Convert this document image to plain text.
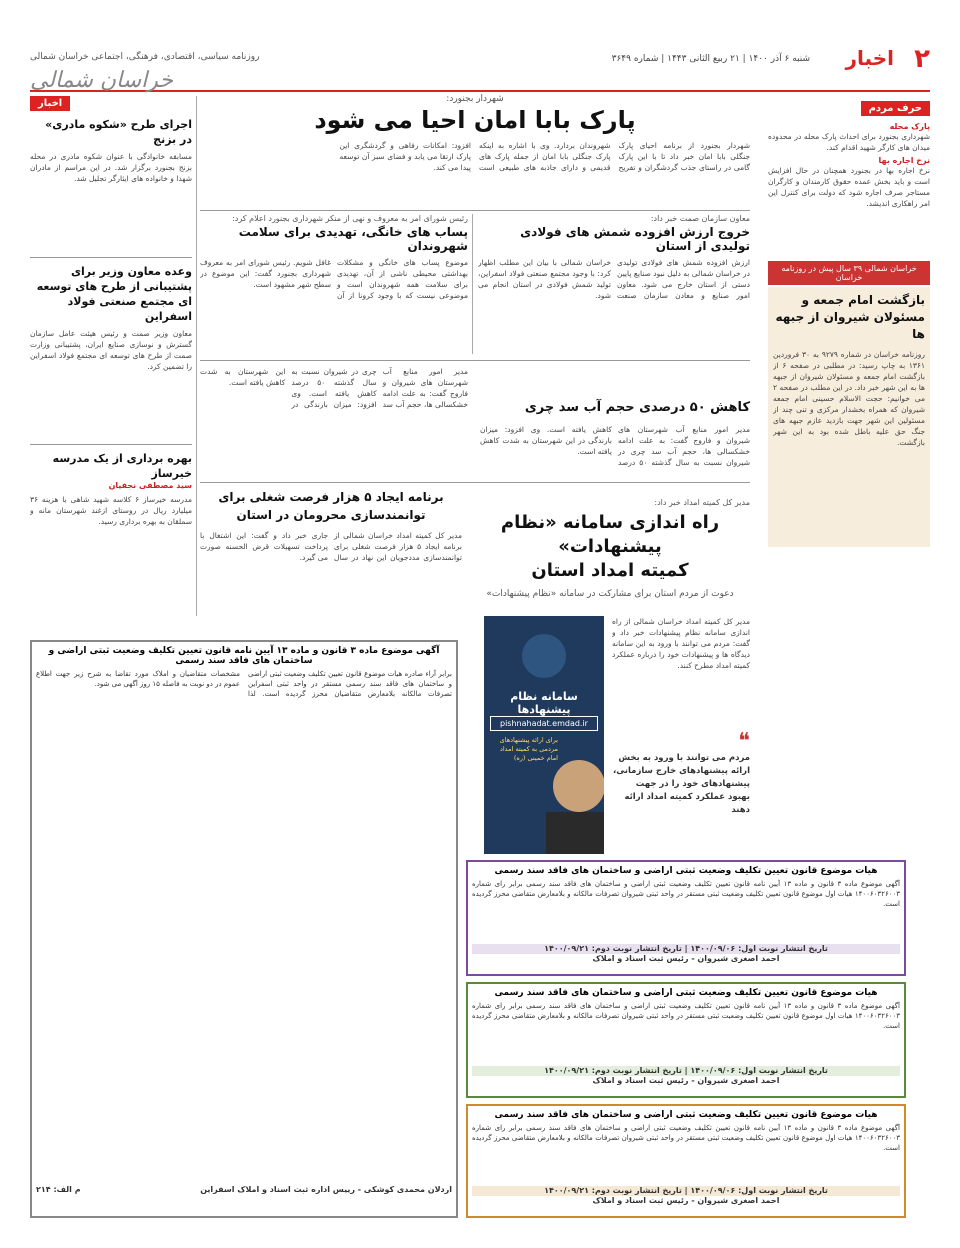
۲
اخبار
شنبه ۶ آذر ۱۴۰۰ | ۲۱ ربیع الثانی ۱۴۴۳ | شماره ۳۶۴۹
روزنامه سیاسی، اقتصادی، فرهنگی، اجتماعی خراسان شمالی
خراسان شمالی
حرف مردم
پارک محله
شهرداری بجنورد برای احداث پارک محله در محدوده میدان های کارگر شهید اقدام کند.
نرخ اجاره بها
نرخ اجاره بها در بجنورد همچنان در حال افزایش است و باید بخش عمده حقوق کارمندان و کارگران مستاجر صرف اجاره شود که دولت برای کنترل این امر راهکاری اندیشد.
خراسان شمالی ۳۹ سال پیش در روزنامه خراسان
بازگشت امام جمعه و مسئولان شیروان از جبهه ها
روزنامه خراسان در شماره ۹۲۷۹ به ۳۰ فروردین ۱۳۶۱ به چاپ رسید: در مطلبی در صفحه ۶ از بازگشت امام جمعه و مسئولان شیروان از جبهه ها به این شهر خبر داد. در این مطلب در صفحه ۲ می خوانیم: حجت الاسلام حسینی امام جمعه شیروان که همراه بخشدار مرکزی و تنی چند از مسئولین این شهر جهت بازدید عازم جبهه های جنگ حق علیه باطل شده بود به این شهر بازگشت.
شهردار بجنورد:
پارک بابا امان احیا می شود
شهردار بجنورد از برنامه احیای پارک جنگلی بابا امان خبر داد تا با این پارک گامی در راستای جذب گردشگران و تفریح شهروندان بردارد. وی با اشاره به اینکه پارک جنگلی بابا امان از جمله پارک های قدیمی و دارای جاذبه های طبیعی است افزود: امکانات رفاهی و گردشگری این پارک ارتقا می یابد و فضای سبز آن توسعه پیدا می کند.
معاون سازمان صمت خبر داد:
خروج ارزش افزوده شمش های فولادی تولیدی از استان
ارزش افزوده شمش های فولادی تولیدی در خراسان شمالی به دلیل نبود صنایع پایین دستی از استان خارج می شود. معاون امور صنایع و معادن سازمان صنعت خراسان شمالی با بیان این مطلب اظهار کرد: با وجود مجتمع صنعتی فولاد اسفراین، تولید شمش فولادی در استان انجام می شود.
رئیس شورای امر به معروف و نهی از منکر شهرداری بجنورد اعلام کرد:
پساب های خانگی، تهدیدی برای سلامت شهروندان
موضوع پساب های خانگی و مشکلات بهداشتی محیطی ناشی از آن، تهدیدی برای سلامت همه شهروندان است و موضوعی نیست که با وجود کرونا از آن غافل شویم. رئیس شورای امر به معروف شهرداری بجنورد گفت: این موضوع در سطح شهر مشهود است.
کاهش ۵۰ درصدی حجم آب سد چری
مدیر امور منابع آب شهرستان های شیروان و فاروج گفت: به علت ادامه خشکسالی ها، حجم آب سد چری در شیروان نسبت به سال گذشته ۵۰ درصد کاهش یافته است. وی افزود: میزان بارندگی در این شهرستان به شدت کاهش یافته است.
مدیر امور منابع آب شهرستان های شیروان و فاروج گفت: به علت ادامه خشکسالی ها، حجم آب سد چری در شیروان نسبت به سال گذشته ۵۰ درصد کاهش یافته است. وی افزود: میزان بارندگی در این شهرستان به شدت کاهش یافته است.
برنامه ایجاد ۵ هزار فرصت شغلی برای توانمندسازی محرومان در استان
مدیر کل کمیته امداد خراسان شمالی از برنامه ایجاد ۵ هزار فرصت شغلی برای توانمندسازی مددجویان این نهاد در سال جاری خبر داد و گفت: این اشتغال با پرداخت تسهیلات قرض الحسنه صورت می گیرد.
مدیر کل کمیته امداد خبر داد:
راه اندازی سامانه «نظام پیشنهادات»
کمیته امداد استان
دعوت از مردم استان برای مشارکت در سامانه «نظام پیشنهادات»
اخبار
اجرای طرح «شکوه مادری» در بزنج
مسابقه خانوادگی با عنوان شکوه مادری در محله بزنج بجنورد برگزار شد. در این مراسم از مادران شهدا و خانواده های ایثارگر تجلیل شد.
وعده معاون وزیر برای پشتیبانی از طرح های توسعه ای مجتمع صنعتی فولاد اسفراین
معاون وزیر صمت و رئیس هیئت عامل سازمان گسترش و نوسازی صنایع ایران، پشتیبانی وزارت صمت از طرح های توسعه ای مجتمع فولاد اسفراین را تضمین کرد.
بهره برداری از یک مدرسه خیرساز
سید مصطفی نجفیان
مدرسه خیرساز ۶ کلاسه شهید شاهی با هزینه ۳۶ میلیارد ریال در روستای ازغند شهرستان مانه و سملقان به بهره برداری رسید.
سامانه نظام پیشنهادها
pishnahadat.emdad.ir
برای ارائه پیشنهادهای مردمی به کمیته امداد امام خمینی (ره)
مدیر کل کمیته امداد خراسان شمالی از راه اندازی سامانه نظام پیشنهادات خبر داد و گفت: مردم می توانند با ورود به این سامانه دیدگاه ها و پیشنهادات خود را درباره عملکرد کمیته امداد مطرح کنند.
❝
مردم می توانند با ورود به بخش ارائه پیشنهادهای خارج سازمانی، پیشنهادهای خود را در جهت بهبود عملکرد کمیته امداد ارائه دهند
آگهی موضوع ماده ۳ قانون و ماده ۱۳ آیین نامه قانون تعیین تکلیف وضعیت ثبتی اراضی و ساختمان های فاقد سند رسمی
برابر آراء صادره هیات موضوع قانون تعیین تکلیف وضعیت ثبتی اراضی و ساختمان های فاقد سند رسمی مستقر در واحد ثبتی اسفراین تصرفات مالکانه بلامعارض متقاضیان محرز گردیده است. لذا مشخصات متقاضیان و املاک مورد تقاضا به شرح زیر جهت اطلاع عموم در دو نوبت به فاصله ۱۵ روز آگهی می شود.
اردلان محمدی کوشکی - رییس اداره ثبت اسناد و املاک اسفراین
م الف: ۲۱۴
هیات موضوع قانون تعیین تکلیف وضعیت ثبتی اراضی و ساختمان های فاقد سند رسمی
آگهی موضوع ماده ۳ قانون و ماده ۱۳ آیین نامه قانون تعیین تکلیف وضعیت ثبتی اراضی و ساختمان های فاقد سند رسمی برابر رای شماره ۱۴۰۰۶۰۳۲۶۰۰۳ هیات اول موضوع قانون تعیین تکلیف وضعیت ثبتی مستقر در واحد ثبتی شیروان تصرفات مالکانه و بلامعارض متقاضی محرز گردیده است.
تاریخ انتشار نوبت اول: ۱۴۰۰/۰۹/۰۶ | تاریخ انتشار نوبت دوم: ۱۴۰۰/۰۹/۲۱
احمد اصغری شیروان - رئیس ثبت اسناد و املاک
هیات موضوع قانون تعیین تکلیف وضعیت ثبتی اراضی و ساختمان های فاقد سند رسمی
آگهی موضوع ماده ۳ قانون و ماده ۱۳ آیین نامه قانون تعیین تکلیف وضعیت ثبتی اراضی و ساختمان های فاقد سند رسمی برابر رای شماره ۱۴۰۰۶۰۳۲۶۰۰۳ هیات اول موضوع قانون تعیین تکلیف وضعیت ثبتی مستقر در واحد ثبتی شیروان تصرفات مالکانه و بلامعارض متقاضی محرز گردیده است.
تاریخ انتشار نوبت اول: ۱۴۰۰/۰۹/۰۶ | تاریخ انتشار نوبت دوم: ۱۴۰۰/۰۹/۲۱
احمد اصغری شیروان - رئیس ثبت اسناد و املاک
هیات موضوع قانون تعیین تکلیف وضعیت ثبتی اراضی و ساختمان های فاقد سند رسمی
آگهی موضوع ماده ۳ قانون و ماده ۱۳ آیین نامه قانون تعیین تکلیف وضعیت ثبتی اراضی و ساختمان های فاقد سند رسمی برابر رای شماره ۱۴۰۰۶۰۳۲۶۰۰۳ هیات اول موضوع قانون تعیین تکلیف وضعیت ثبتی مستقر در واحد ثبتی شیروان تصرفات مالکانه و بلامعارض متقاضی محرز گردیده است.
تاریخ انتشار نوبت اول: ۱۴۰۰/۰۹/۰۶ | تاریخ انتشار نوبت دوم: ۱۴۰۰/۰۹/۲۱
احمد اصغری شیروان - رئیس ثبت اسناد و املاک
